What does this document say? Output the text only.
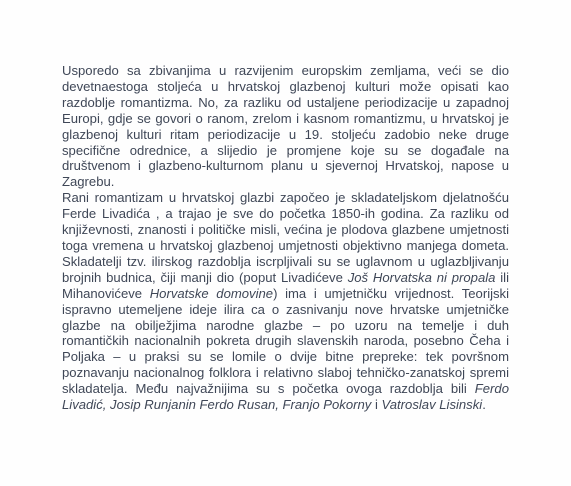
Usporedo sa zbivanjima u razvijenim europskim zemljama, veći se dio devetnaestoga stoljeća u hrvatskoj glazbenoj kulturi može opisati kao razdoblje romantizma. No, za razliku od ustaljene periodizacije u zapadnoj Europi, gdje se govori o ranom, zrelom i kasnom romantizmu, u hrvatskoj je glazbenoj kulturi ritam periodizacije u 19. stoljeću zadobio neke druge specifične odrednice, a slijedio je promjene koje su se događale na društvenom i glazbeno-kulturnom planu u sjevernoj Hrvatskoj, napose u Zagrebu.

Rani romantizam u hrvatskoj glazbi započeo je skladateljskom djelatnošću Ferde Livadića , a trajao je sve do početka 1850-ih godina. Za razliku od književnosti, znanosti i političke misli, većina je plodova glazbene umjetnosti toga vremena u hrvatskoj glazbenoj umjetnosti objektivno manjega dometa. Skladatelji tzv. ilirskog razdoblja iscrpljivali su se uglavnom u uglazbljivanju brojnih budnica, čiji manji dio (poput Livadićeve Još Horvatska ni propala ili Mihanovićeve Horvatske domovine) ima i umjetničku vrijednost. Teorijski ispravno utemeljene ideje ilira ca o zasnivanju nove hrvatske umjetničke glazbe na obilježjima narodne glazbe – po uzoru na temelje i duh romantičkih nacionalnih pokreta drugih slavenskih naroda, posebno Čeha i Poljaka – u praksi su se lomile o dvije bitne prepreke: tek površnom poznavanju nacionalnog folklora i relativno slaboj tehničko-zanatskoj spremi skladatelja. Među najvažnijima su s početka ovoga razdoblja bili Ferdo Livadić, Josip Runjanin Ferdo Rusan, Franjo Pokorny i Vatroslav Lisinski.
